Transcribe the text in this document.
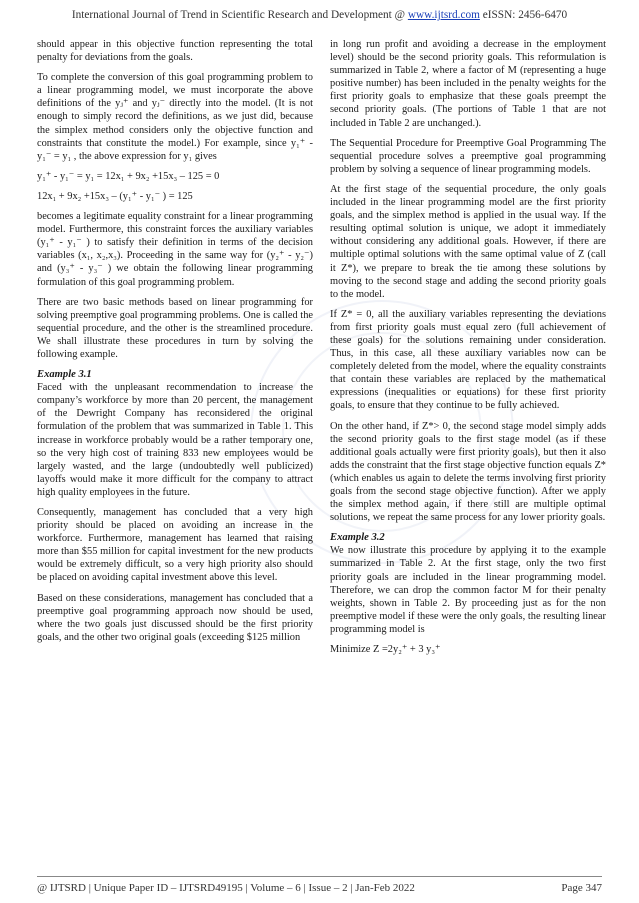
International Journal of Trend in Scientific Research and Development @ www.ijtsrd.com eISSN: 2456-6470

should appear in this objective function representing the total penalty for deviations from the goals.

To complete the conversion of this goal programming problem to a linear programming model, we must incorporate the above definitions of the yⱼ⁺ and yⱼ⁻ directly into the model. (It is not enough to simply record the definitions, as we just did, because the simplex method considers only the objective function and constraints that constitute the model.) For example, since y₁⁺ - y₁⁻ = y₁ , the above expression for y₁ gives

y₁⁺ - y₁⁻ = y₁ = 12x₁ + 9x₂ +15x₃ – 125 = 0

12x₁ + 9x₂ +15x₃ – (y₁⁺ - y₁⁻ ) = 125

becomes a legitimate equality constraint for a linear programming model. Furthermore, this constraint forces the auxiliary variables (y₁⁺ - y₁⁻ ) to satisfy their definition in terms of the decision variables (x₁, x₂,x₃). Proceeding in the same way for (y₂⁺ - y₂⁻) and (y₃⁺ - y₃⁻ ) we obtain the following linear programming formulation of this goal programming problem.

There are two basic methods based on linear programming for solving preemptive goal programming problems. One is called the sequential procedure, and the other is the streamlined procedure. We shall illustrate these procedures in turn by solving the following example.

Example 3.1

Faced with the unpleasant recommendation to increase the company’s workforce by more than 20 percent, the management of the Dewright Company has reconsidered the original formulation of the problem that was summarized in Table 1. This increase in workforce probably would be a rather temporary one, so the very high cost of training 833 new employees would be largely wasted, and the large (undoubtedly well publicized) layoffs would make it more difficult for the company to attract high quality employees in the future.

Consequently, management has concluded that a very high priority should be placed on avoiding an increase in the workforce. Furthermore, management has learned that raising more than $55 million for capital investment for the new products would be extremely difficult, so a very high priority also should be placed on avoiding capital investment above this level.

Based on these considerations, management has concluded that a preemptive goal programming approach now should be used, where the two goals just discussed should be the first priority goals, and the other two original goals (exceeding $125 million

in long run profit and avoiding a decrease in the employment level) should be the second priority goals. This reformulation is summarized in Table 2, where a factor of M (representing a huge positive number) has been included in the penalty weights for the first priority goals to emphasize that these goals preempt the second priority goals. (The portions of Table 1 that are not included in Table 2 are unchanged.).

The Sequential Procedure for Preemptive Goal Programming The sequential procedure solves a preemptive goal programming problem by solving a sequence of linear programming models.

At the first stage of the sequential procedure, the only goals included in the linear programming model are the first priority goals, and the simplex method is applied in the usual way. If the resulting optimal solution is unique, we adopt it immediately without considering any additional goals. However, if there are multiple optimal solutions with the same optimal value of Z (call it Z*), we prepare to break the tie among these solutions by moving to the second stage and adding the second priority goals to the model.

If Z* = 0, all the auxiliary variables representing the deviations from first priority goals must equal zero (full achievement of these goals) for the solutions remaining under consideration. Thus, in this case, all these auxiliary variables now can be completely deleted from the model, where the equality constraints that contain these variables are replaced by the mathematical expressions (inequalities or equations) for these first priority goals, to ensure that they continue to be fully achieved.

On the other hand, if Z*> 0, the second stage model simply adds the second priority goals to the first stage model (as if these additional goals actually were first priority goals), but then it also adds the constraint that the first stage objective function equals Z* (which enables us again to delete the terms involving first priority goals from the second stage objective function). After we apply the simplex method again, if there still are multiple optimal solutions, we repeat the same process for any lower priority goals.

Example 3.2

We now illustrate this procedure by applying it to the example summarized in Table 2. At the first stage, only the two first priority goals are included in the linear programming model. Therefore, we can drop the common factor M for their penalty weights, shown in Table 2. By proceeding just as for the non preemptive model if these were the only goals, the resulting linear programming model is

Minimize Z =2y₂⁺ + 3 y₃⁺

@ IJTSRD | Unique Paper ID – IJTSRD49195 | Volume – 6 | Issue – 2 | Jan-Feb 2022	Page 347
